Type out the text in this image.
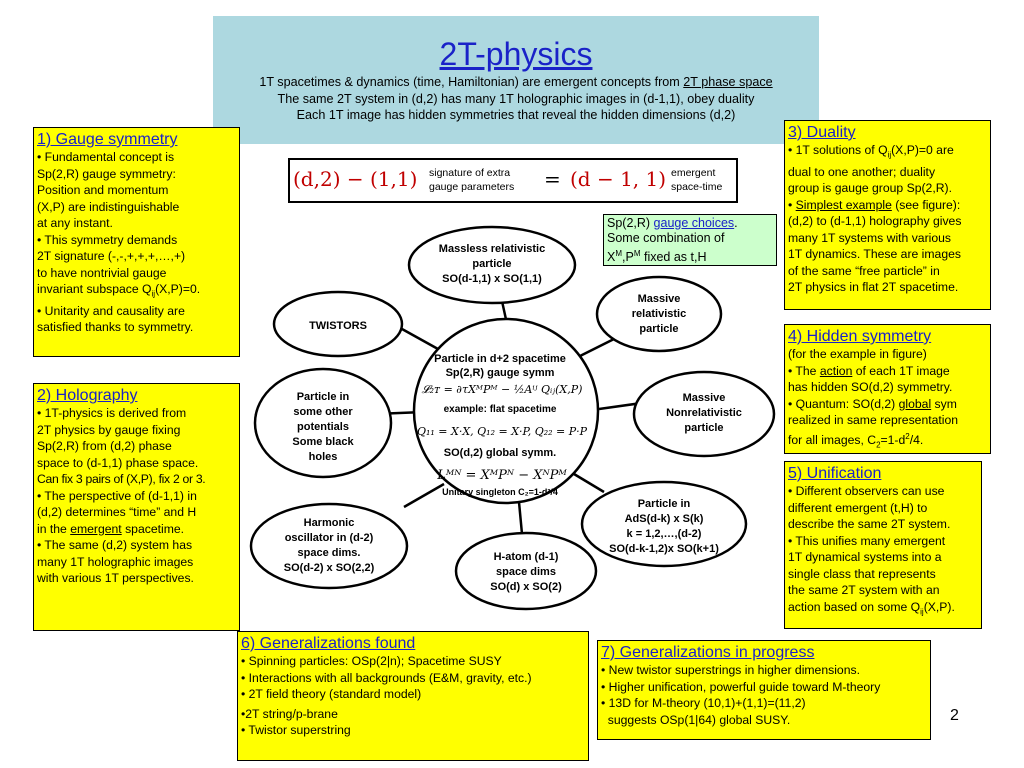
2T-physics

1T spacetimes & dynamics (time, Hamiltonian) are emergent concepts from 2T phase space

The same 2T system in (d,2) has many 1T holographic images in (d-1,1), obey duality

Each 1T image has hidden symmetries that reveal the hidden dimensions (d,2)

(d,2) − (1,1) signature of extra
gauge parameters = (d − 1, 1) emergent
space-time
Sp(2,R) gauge choices.
Some combination of
$X^M,P^M$ fixed as t,H
1) Gauge symmetry

• Fundamental concept is

Sp(2,R) gauge symmetry:

Position and momentum

(X,P) are indistinguishable

at any instant.

• This symmetry demands

2T signature (-,-,+,+,+,…,+)

to have nontrivial gauge

invariant subspace $Q_{ij}(X,P)=0$.

• Unitarity and causality are

satisfied thanks to symmetry.

2) Holography

• 1T-physics is derived from

2T physics by gauge fixing

Sp(2,R) from (d,2) phase

space to (d-1,1) phase space.

Can fix 3 pairs of (X,P), fix 2 or 3.

• The perspective of (d-1,1) in

(d,2) determines “time” and H

in the emergent spacetime.

• The same (d,2) system has

many 1T holographic images

with various 1T perspectives.

3) Duality

• 1T solutions of $Q_{ij}(X,P)=0$ are

dual to one another; duality

group is gauge group Sp(2,R).

• Simplest example (see figure):

(d,2) to (d-1,1) holography gives

many 1T systems with various

1T dynamics. These are images

of the same “free particle” in

2T physics in flat 2T spacetime.

4) Hidden symmetry

(for the example in figure)

• The action of each 1T image

has hidden SO(d,2) symmetry.

• Quantum: SO(d,2) global sym

realized in same representation

for all images, $C_2=1-d^2/4$.

5) Unification

• Different observers can use

different emergent (t,H) to

describe the same 2T system.

• This unifies many emergent

1T dynamical systems into a

single class that represents

the same 2T system with an

action based on some $Q_{ij}(X,P)$.

6) Generalizations found

• Spinning particles: OSp(2|n); Spacetime SUSY

• Interactions with all backgrounds (E&M, gravity, etc.)

• 2T field theory (standard model)

•2T string/p-brane

• Twistor superstring

7) Generalizations in progress

• New twistor superstrings in higher dimensions.

• Higher unification, powerful guide toward M-theory

• 13D for M-theory (10,1)+(1,1)=(11,2)

suggests OSp(1|64) global SUSY.

Particle in d+2 spacetime
Sp(2,R) gauge symm
example: flat spacetime
SO(d,2) global symm.
Unitary singleton C₂=1-d²/4
𝓛₂ᴛ = ∂τXᴹPᴹ − ½Aⁱʲ Qᵢⱼ(X,P)
Q₁₁ = X·X, Q₁₂ = X·P, Q₂₂ = P·P
Lᴹᴺ = XᴹPᴺ − XᴺPᴹ
Massless relativistic
particle
SO(d-1,1) x SO(1,1)
Massive
relativistic
particle
Massive
Nonrelativistic
particle
Particle in
AdS(d-k) x S(k)
k = 1,2,…,(d-2)
SO(d-k-1,2)x SO(k+1)
H-atom (d-1)
space dims
SO(d) x SO(2)
Harmonic
oscillator in (d-2)
space dims.
SO(d-2) x SO(2,2)
Particle in
some other
potentials
Some black
holes
TWISTORS
2
